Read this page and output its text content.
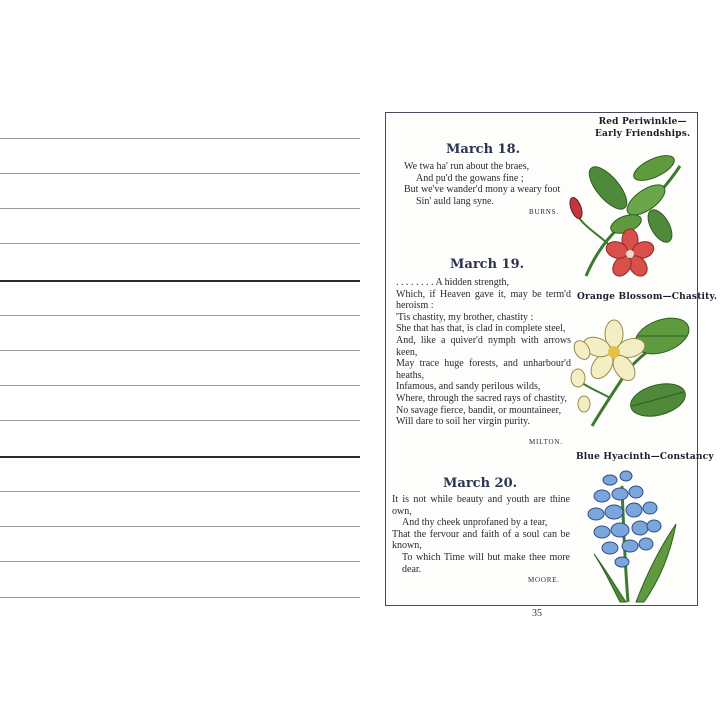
Red Periwinkle—
Early Friendships.
March 18.
We twa ha' run about the braes,
And pu'd the gowans fine ;
But we've wander'd mony a weary foot
Sin' auld lang syne.
BURNS.
March 19.
. . . . . . . . A hidden strength,
Which, if Heaven gave it, may be term'd heroism :
'Tis chastity, my brother, chastity :
She that has that, is clad in complete steel,
And, like a quiver'd nymph with arrows keen,
May trace huge forests, and unharbour'd heaths,
Infamous, and sandy perilous wilds,
Where, through the sacred rays of chastity,
No savage fierce, bandit, or mountaineer,
Will dare to soil her virgin purity.
MILTON.
Orange Blossom—Chastity.
Blue Hyacinth—Constancy
March 20.
It is not while beauty and youth are thine own,
And thy cheek unprofaned by a tear,
That the fervour and faith of a soul can be known,
To which Time will but make thee more dear.
MOORE.
35
